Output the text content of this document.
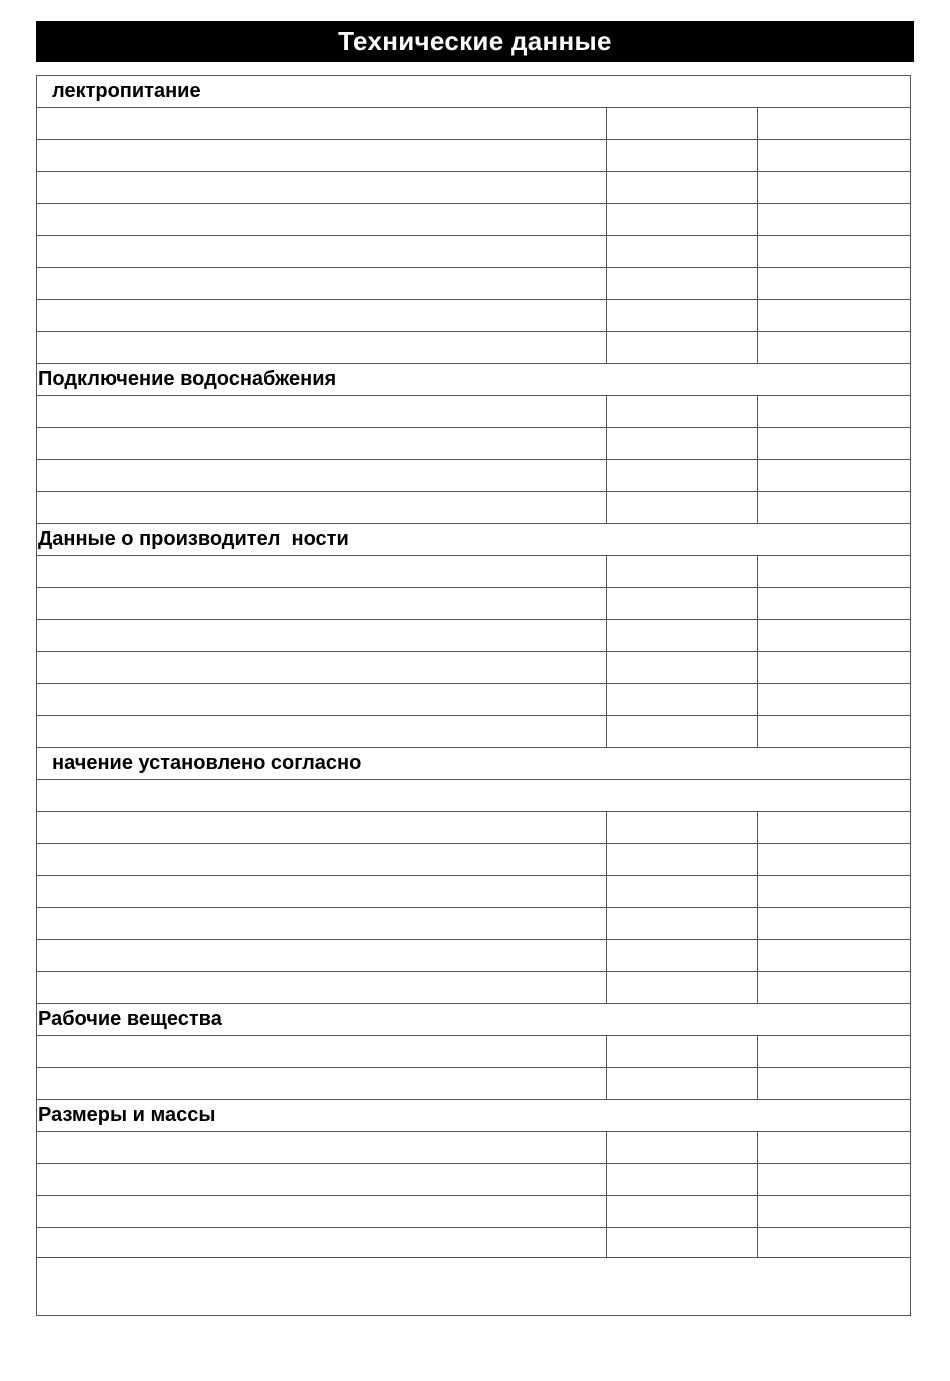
Технические данные
лектропитание
Подключение водоснабжения
Данные о производител  ности
начение установлено согласно
Рабочие вещества
Размеры и массы
